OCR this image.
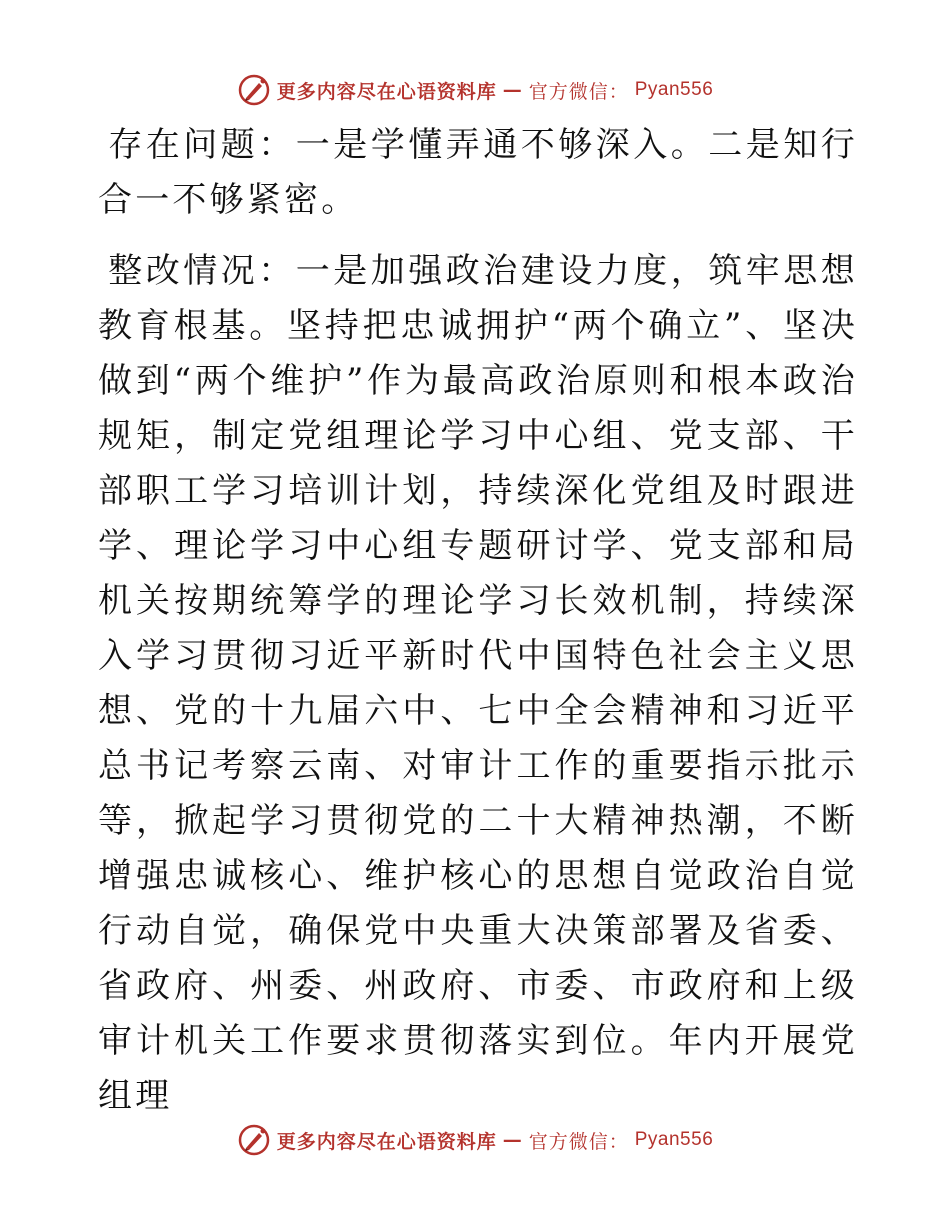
更多内容尽在心语资料库 — 官方微信： Pyan556

存在问题：一是学懂弄通不够深入。二是知行合一不够紧密。

整改情况：一是加强政治建设力度，筑牢思想教育根基。坚持把忠诚拥护“两个确立”、坚决做到“两个维护”作为最高政治原则和根本政治规矩，制定党组理论学习中心组、党支部、干部职工学习培训计划，持续深化党组及时跟进学、理论学习中心组专题研讨学、党支部和局机关按期统筹学的理论学习长效机制，持续深入学习贯彻习近平新时代中国特色社会主义思想、党的十九届六中、七中全会精神和习近平总书记考察云南、对审计工作的重要指示批示等，掀起学习贯彻党的二十大精神热潮，不断增强忠诚核心、维护核心的思想自觉政治自觉行动自觉，确保党中央重大决策部署及省委、省政府、州委、州政府、市委、市政府和上级审计机关工作要求贯彻落实到位。年内开展党组理

更多内容尽在心语资料库 — 官方微信： Pyan556
